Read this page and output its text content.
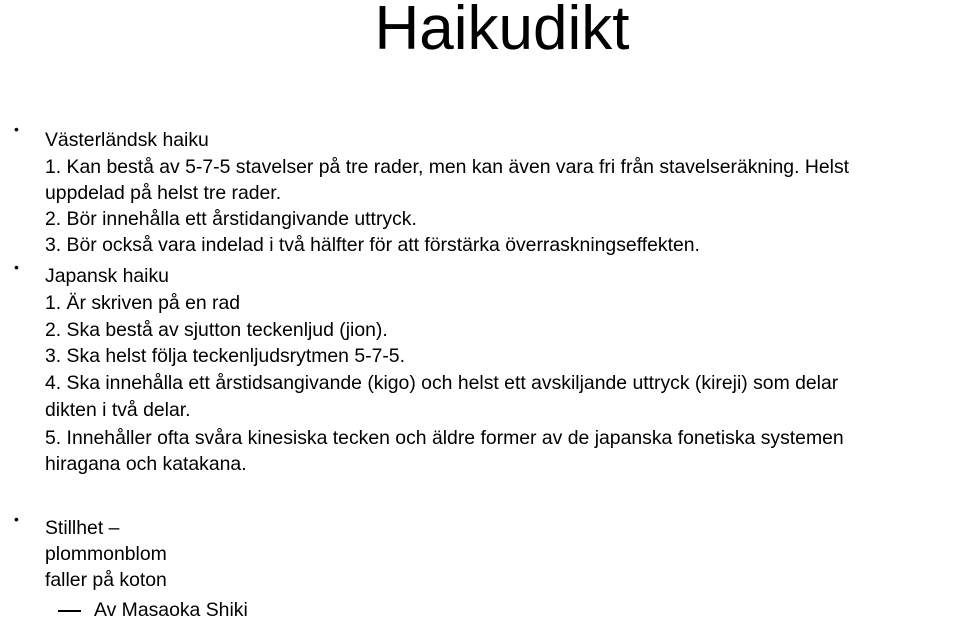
Haikudikt
• Västerländsk haiku
1. Kan bestå av 5-7-5 stavelser på tre rader, men kan även vara fri från stavelseräkning. Helst
uppdelad på helst tre rader.
2. Bör innehålla ett årstidangivande uttryck.
3. Bör också vara indelad i två hälfter för att förstärka överraskningseffekten.
• Japansk haiku
1. Är skriven på en rad
2. Ska bestå av sjutton teckenljud (jion).
3. Ska helst följa teckenljudsrytmen 5-7-5.
4. Ska innehålla ett årstidsangivande (kigo) och helst ett avskiljande uttryck (kireji) som delar
dikten i två delar.
5. Innehåller ofta svåra kinesiska tecken och äldre former av de japanska fonetiska systemen
hiragana och katakana.
• Stillhet –
plommonblom
faller på koton
Av Masaoka Shiki
